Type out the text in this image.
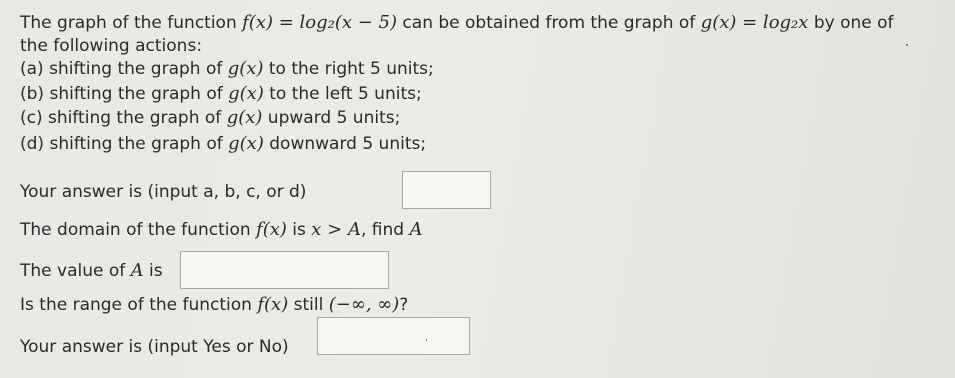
The graph of the function f(x) = log₂(x − 5) can be obtained from the graph of g(x) = log₂x by one of
the following actions:
(a) shifting the graph of g(x) to the right 5 units;
(b) shifting the graph of g(x) to the left 5 units;
(c) shifting the graph of g(x) upward 5 units;
(d) shifting the graph of g(x) downward 5 units;
Your answer is (input a, b, c, or d)
The domain of the function f(x) is x > A, find A
The value of A is
Is the range of the function f(x) still (−∞, ∞)?
Your answer is (input Yes or No)
